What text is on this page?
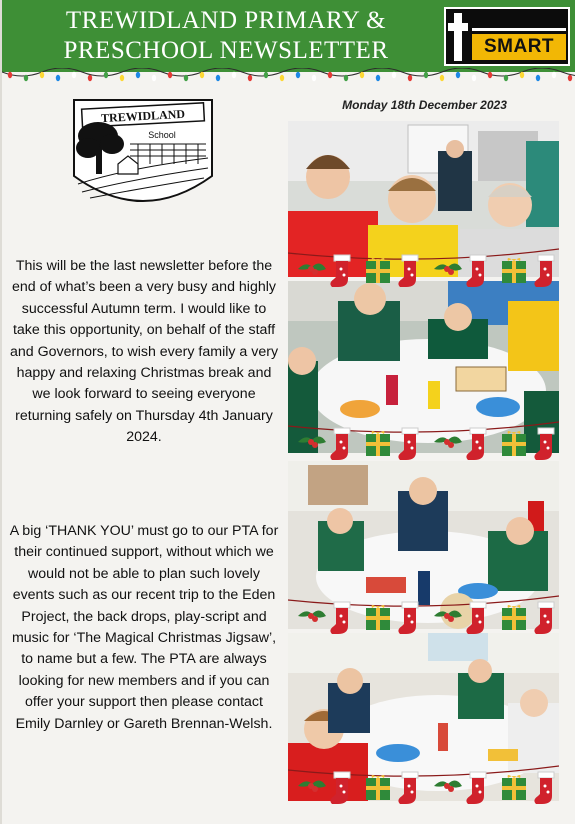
TREWIDLAND PRIMARY &
PRESCHOOL NEWSLETTER	SMART
TREWIDLAND
School
Monday 18th December 2023
This will be the last newsletter before the end of what’s been a very busy and highly successful Autumn term. I would like to take this opportunity, on behalf of the staff and Governors, to wish every family a very happy and relaxing Christmas break and we look forward to seeing everyone returning safely on Thursday 4th January 2024.
A big ‘THANK YOU’ must go to our PTA for their continued support, without which we would not be able to plan such lovely events such as our recent trip to the Eden Project, the back drops, play-script and music for ‘The Magical Christmas Jigsaw’, to name but a few. The PTA are always looking for new members and if you can offer your support then please contact Emily Darnley or Gareth Brennan-Welsh.
